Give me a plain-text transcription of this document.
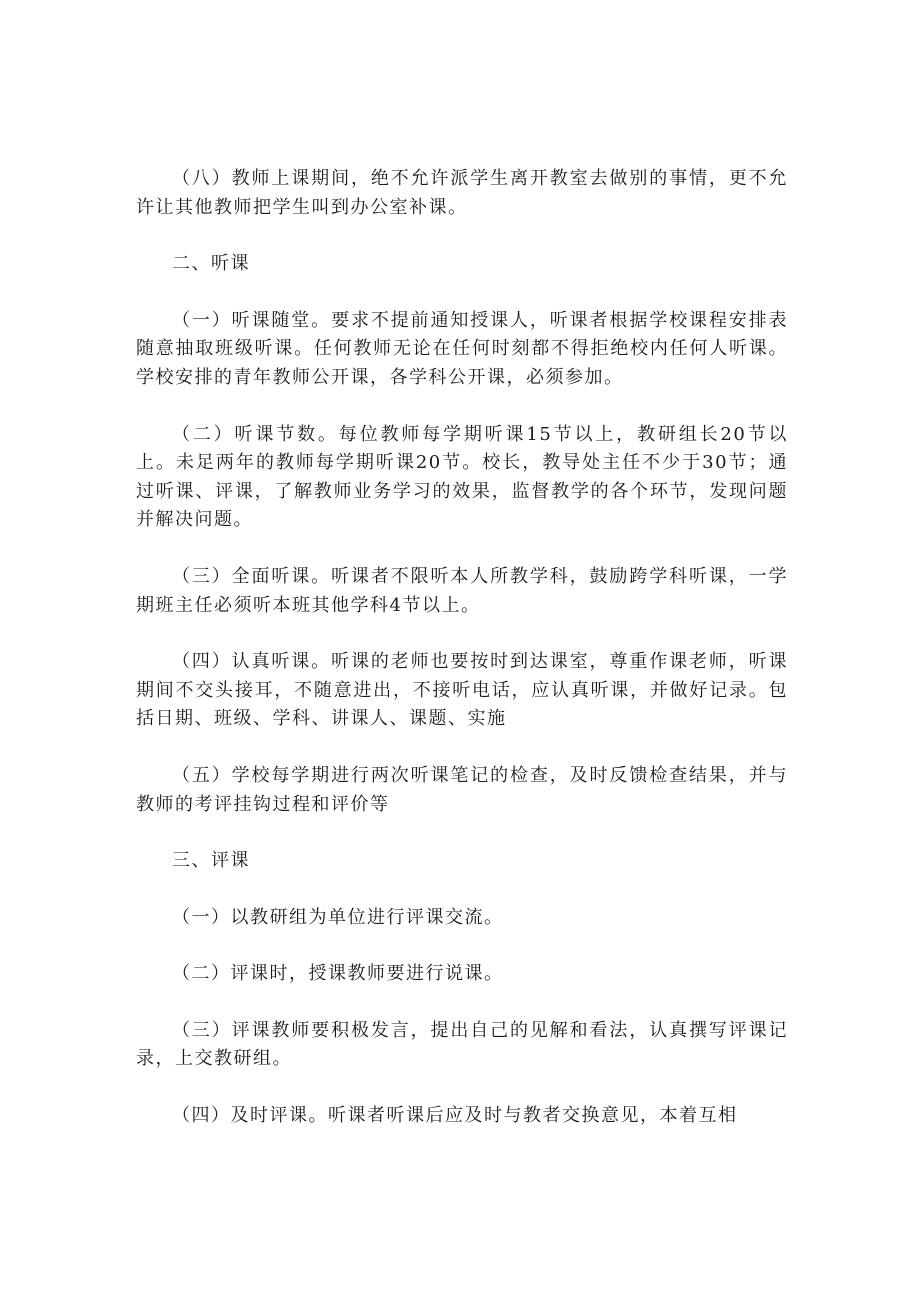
（八）教师上课期间，绝不允许派学生离开教室去做别的事情，更不允许让其他教师把学生叫到办公室补课。

二、听课

（一）听课随堂。要求不提前通知授课人，听课者根据学校课程安排表随意抽取班级听课。任何教师无论在任何时刻都不得拒绝校内任何人听课。学校安排的青年教师公开课，各学科公开课，必须参加。

（二）听课节数。每位教师每学期听课15节以上，教研组长20节以上。未足两年的教师每学期听课20节。校长，教导处主任不少于30节；通过听课、评课，了解教师业务学习的效果，监督教学的各个环节，发现问题并解决问题。

（三）全面听课。听课者不限听本人所教学科，鼓励跨学科听课，一学期班主任必须听本班其他学科4节以上。

（四）认真听课。听课的老师也要按时到达课室，尊重作课老师，听课期间不交头接耳，不随意进出，不接听电话，应认真听课，并做好记录。包括日期、班级、学科、讲课人、课题、实施

（五）学校每学期进行两次听课笔记的检查，及时反馈检查结果，并与教师的考评挂钩过程和评价等

三、评课

（一）以教研组为单位进行评课交流。

（二）评课时，授课教师要进行说课。

（三）评课教师要积极发言，提出自己的见解和看法，认真撰写评课记录，上交教研组。

（四）及时评课。听课者听课后应及时与教者交换意见，本着互相
